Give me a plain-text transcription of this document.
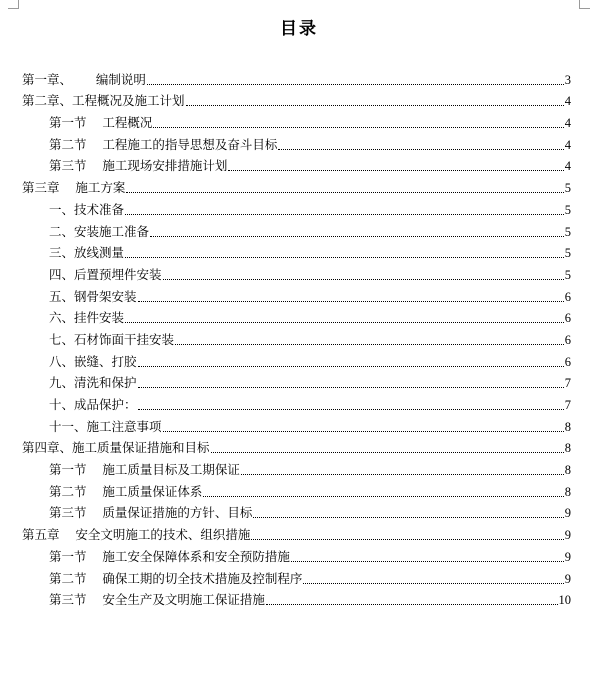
目录
第一章、      编制说明	3
第二章、工程概况及施工计划	4
第一节    工程概况	4
第二节    工程施工的指导思想及奋斗目标	4
第三节    施工现场安排措施计划	4
第三章    施工方案	5
一、技术准备	5
二、安装施工准备	5
三、放线测量	5
四、后置预埋件安装	5
五、钢骨架安装	6
六、挂件安装	6
七、石材饰面干挂安装	6
八、嵌缝、打胶	6
九、清洗和保护	7
十、成品保护：	7
十一、施工注意事项	8
第四章、施工质量保证措施和目标	8
第一节    施工质量目标及工期保证	8
第二节    施工质量保证体系	8
第三节    质量保证措施的方针、目标	9
第五章    安全文明施工的技术、组织措施	9
第一节    施工安全保障体系和安全预防措施	9
第二节    确保工期的切全技术措施及控制程序	9
第三节    安全生产及文明施工保证措施	10
